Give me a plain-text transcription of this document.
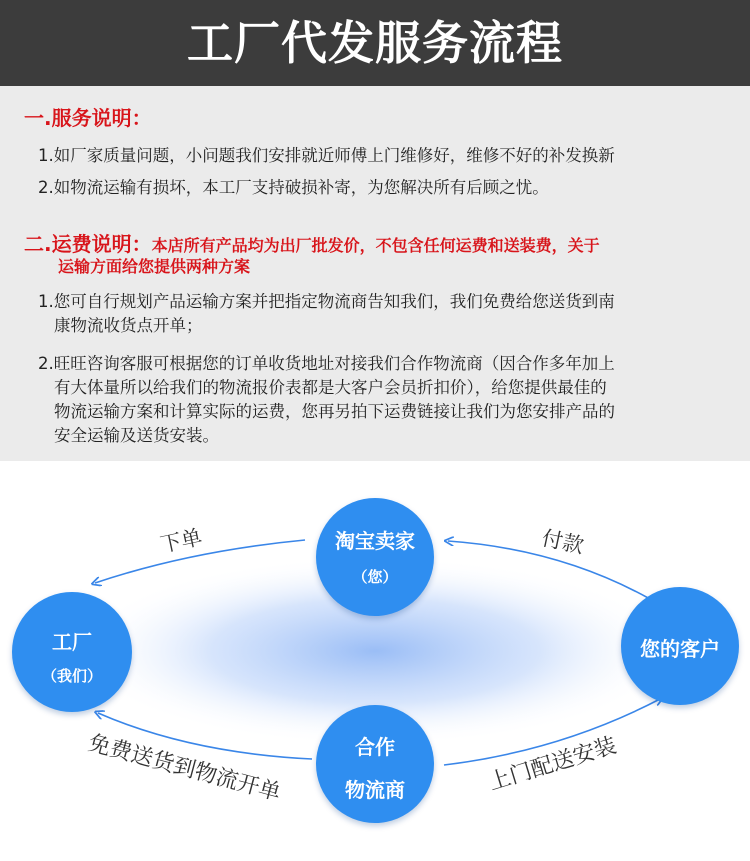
工厂代发服务流程
一.服务说明：
1.如厂家质量问题，小问题我们安排就近师傅上门维修好，维修不好的补发换新
2.如物流运输有损坏，本工厂支持破损补寄，为您解决所有后顾之忧。
二.运费说明：本店所有产品均为出厂批发价，不包含任何运费和送装费，关于
运输方面给您提供两种方案
1.您可自行规划产品运输方案并把指定物流商告知我们，我们免费给您送货到南
康物流收货点开单；
2.旺旺咨询客服可根据您的订单收货地址对接我们合作物流商（因合作多年加上
有大体量所以给我们的物流报价表都是大客户会员折扣价），给您提供最佳的
物流运输方案和计算实际的运费，您再另拍下运费链接让我们为您安排产品的
安全运输及送货安装。
淘宝卖家
（您）
工厂
（我们）
您的客户
合作
物流商
下单	付款
免费送货到物流开单	上门配送安装
